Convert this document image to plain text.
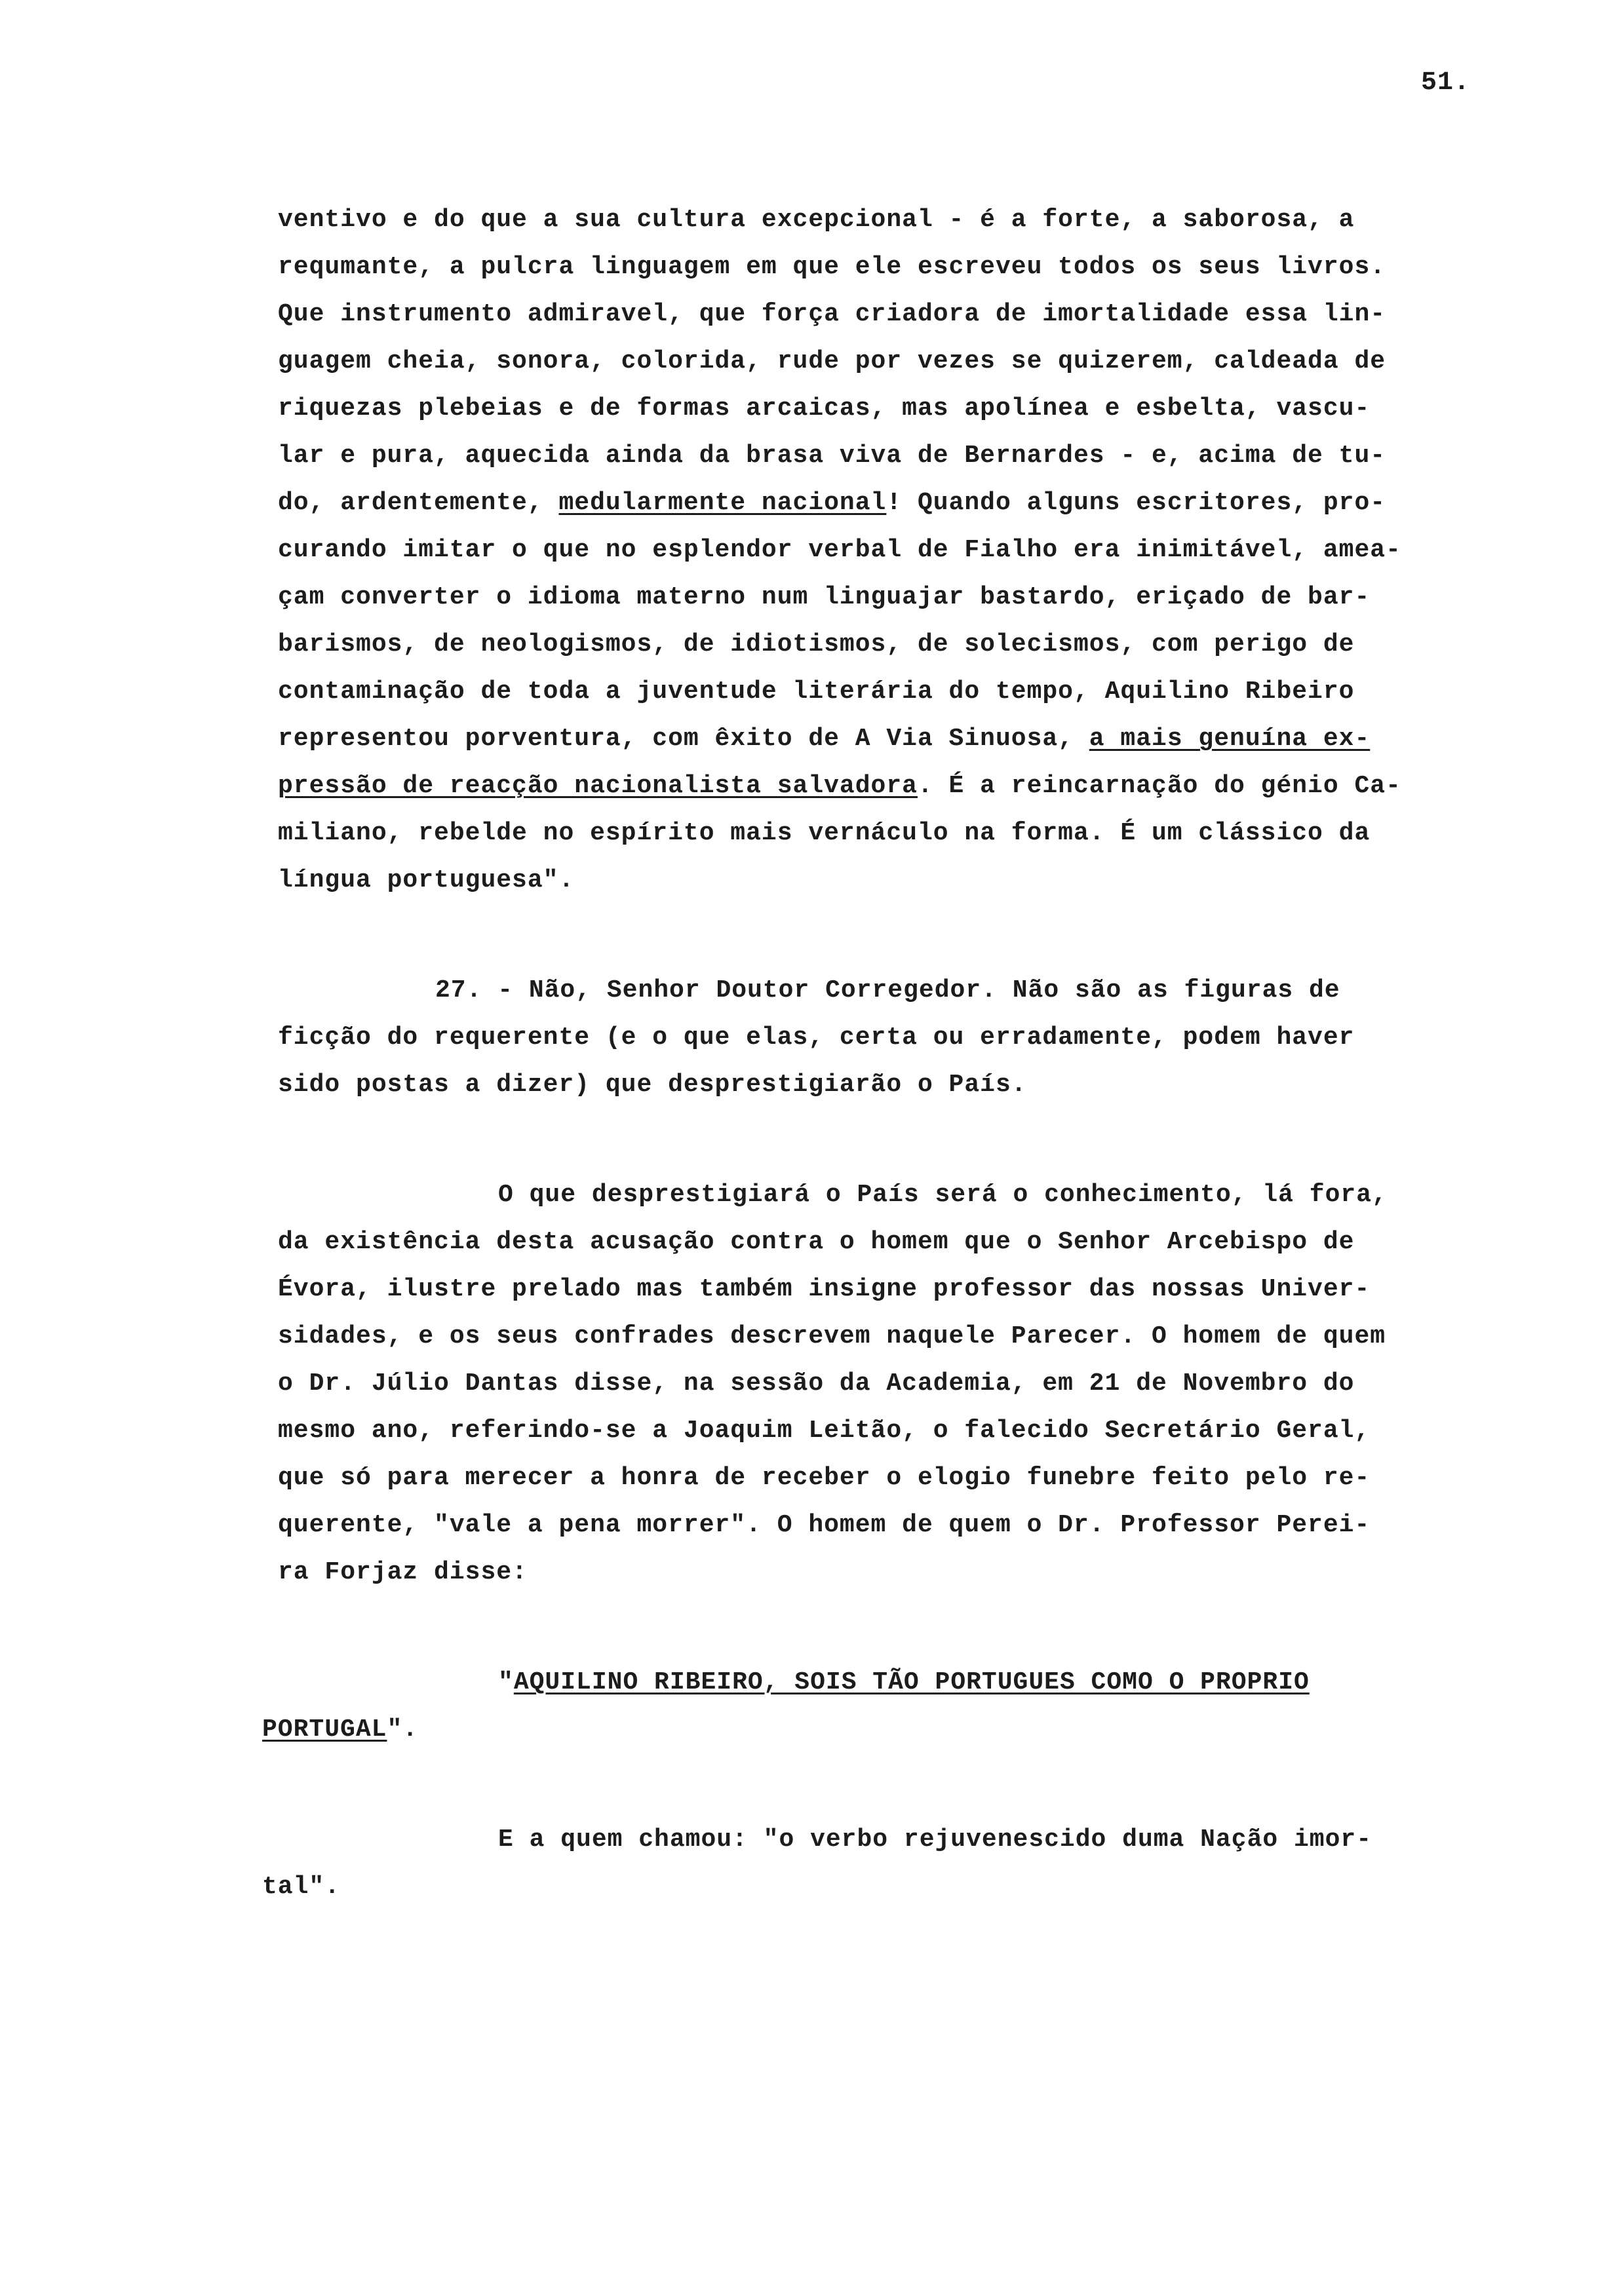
51.
ventivo e do que a sua cultura excepcional - é a forte, a saborosa, a
requmante, a pulcra linguagem em que ele escreveu todos os seus livros.
Que instrumento admiravel, que força criadora de imortalidade essa lin-
guagem cheia, sonora, colorida, rude por vezes se quizerem, caldeada de
riquezas plebeias e de formas arcaicas, mas apolínea e esbelta, vascu-
lar e pura, aquecida ainda da brasa viva de Bernardes - e, acima de tu-
do, ardentemente, medularmente nacional! Quando alguns escritores, pro-
curando imitar o que no esplendor verbal de Fialho era inimitável, amea-
çam converter o idioma materno num linguajar bastardo, eriçado de bar-
barismos, de neologismos, de idiotismos, de solecismos, com perigo de
contaminação de toda a juventude literária do tempo, Aquilino Ribeiro
representou porventura, com êxito de A Via Sinuosa, a mais genuína ex-
pressão de reacção nacionalista salvadora. É a reincarnação do génio Ca-
miliano, rebelde no espírito mais vernáculo na forma. É um clássico da
língua portuguesa".
27. - Não, Senhor Doutor Corregedor. Não são as figuras de
ficção do requerente (e o que elas, certa ou erradamente, podem haver
sido postas a dizer) que desprestigiarão o País.
O que desprestigiará o País será o conhecimento, lá fora,
da existência desta acusação contra o homem que o Senhor Arcebispo de
Évora, ilustre prelado mas também insigne professor das nossas Univer-
sidades, e os seus confrades descrevem naquele Parecer. O homem de quem
o Dr. Júlio Dantas disse, na sessão da Academia, em 21 de Novembro do
mesmo ano, referindo-se a Joaquim Leitão, o falecido Secretário Geral,
que só para merecer a honra de receber o elogio funebre feito pelo re-
querente, "vale a pena morrer". O homem de quem o Dr. Professor Perei-
ra Forjaz disse:
"AQUILINO RIBEIRO, SOIS TÃO PORTUGUES COMO O PROPRIO
PORTUGAL".
E a quem chamou: "o verbo rejuvenescido duma Nação imor-
tal".
